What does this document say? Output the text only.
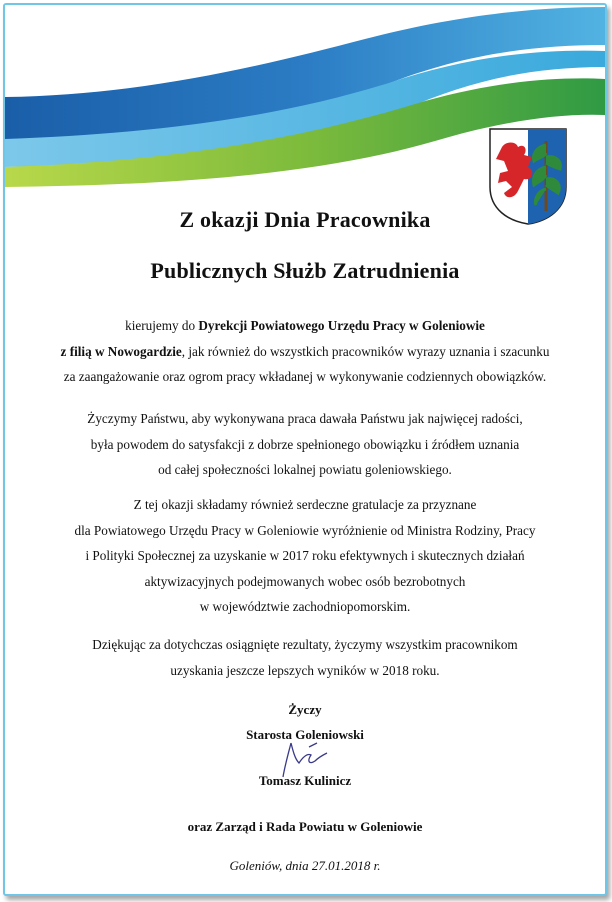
Z okazji Dnia Pracownika
Publicznych Służb Zatrudnienia
kierujemy do Dyrekcji Powiatowego Urzędu Pracy w Goleniowie
z filią w Nowogardzie, jak również do wszystkich pracowników wyrazy uznania i szacunku
za zaangażowanie oraz ogrom pracy wkładanej w wykonywanie codziennych obowiązków.
Życzymy Państwu, aby wykonywana praca dawała Państwu jak najwięcej radości,
była powodem do satysfakcji z dobrze spełnionego obowiązku i źródłem uznania
od całej społeczności lokalnej powiatu goleniowskiego.
Z tej okazji składamy również serdeczne gratulacje za przyznane
dla Powiatowego Urzędu Pracy w Goleniowie wyróżnienie od Ministra Rodziny, Pracy
i Polityki Społecznej za uzyskanie w 2017 roku efektywnych i skutecznych działań
aktywizacyjnych podejmowanych wobec osób bezrobotnych
w województwie zachodniopomorskim.
Dziękując za dotychczas osiągnięte rezultaty, życzymy wszystkim pracownikom
uzyskania jeszcze lepszych wyników w 2018 roku.
Życzy
Starosta Goleniowski
Tomasz Kulinicz
oraz Zarząd i Rada Powiatu w Goleniowie
Goleniów, dnia 27.01.2018 r.
